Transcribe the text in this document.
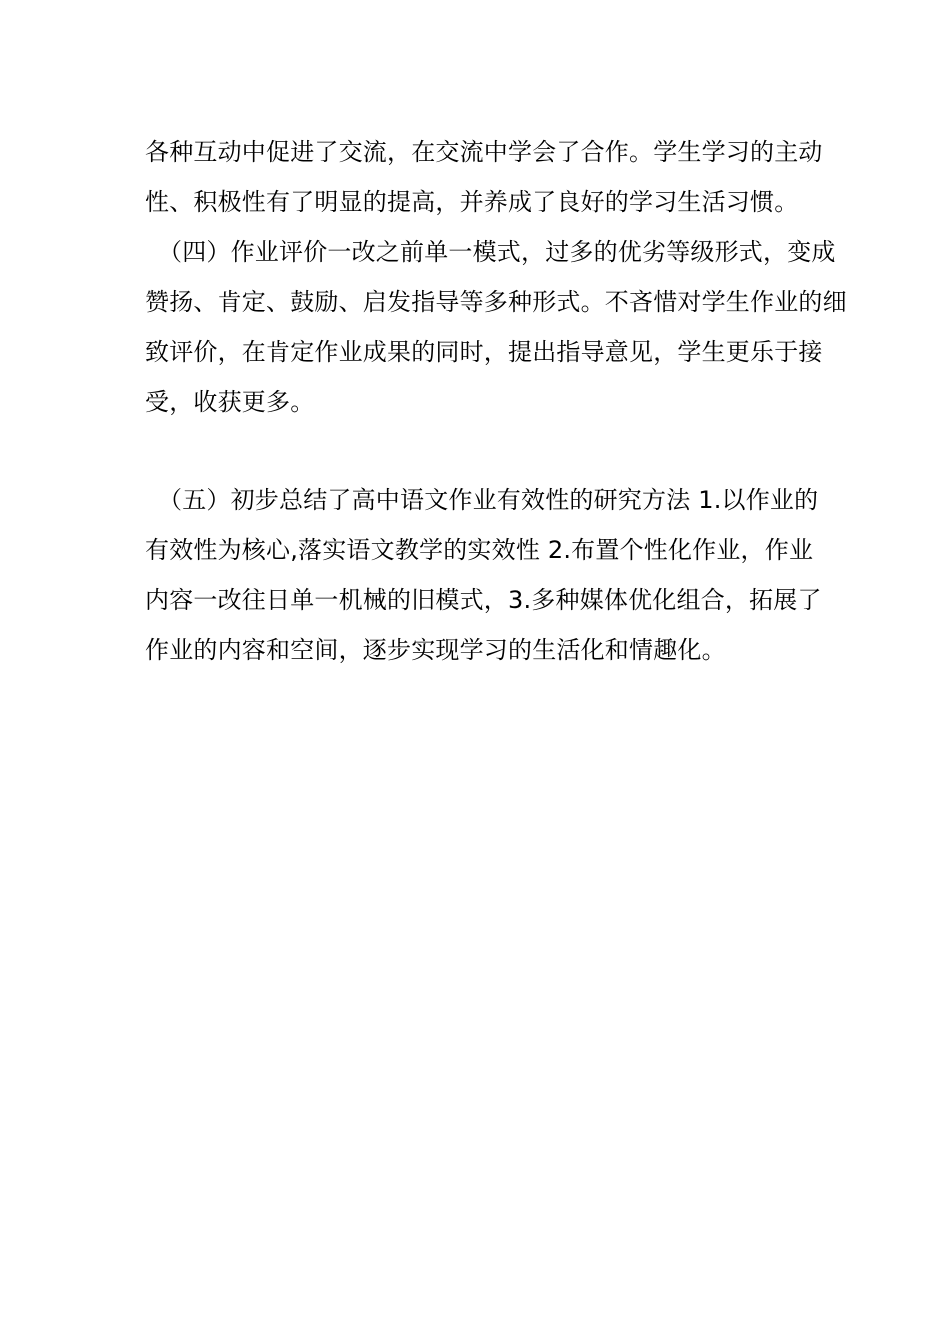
各种互动中促进了交流，在交流中学会了合作。学生学习的主动
性、积极性有了明显的提高，并养成了良好的学习生活习惯。
（四）作业评价一改之前单一模式，过多的优劣等级形式，变成
赞扬、肯定、鼓励、启发指导等多种形式。不吝惜对学生作业的细
致评价，在肯定作业成果的同时，提出指导意见，学生更乐于接
受，收获更多。
（五）初步总结了高中语文作业有效性的研究方法 1.以作业的
有效性为核心,落实语文教学的实效性 2.布置个性化作业，作业
内容一改往日单一机械的旧模式，3.多种媒体优化组合，拓展了
作业的内容和空间，逐步实现学习的生活化和情趣化。
